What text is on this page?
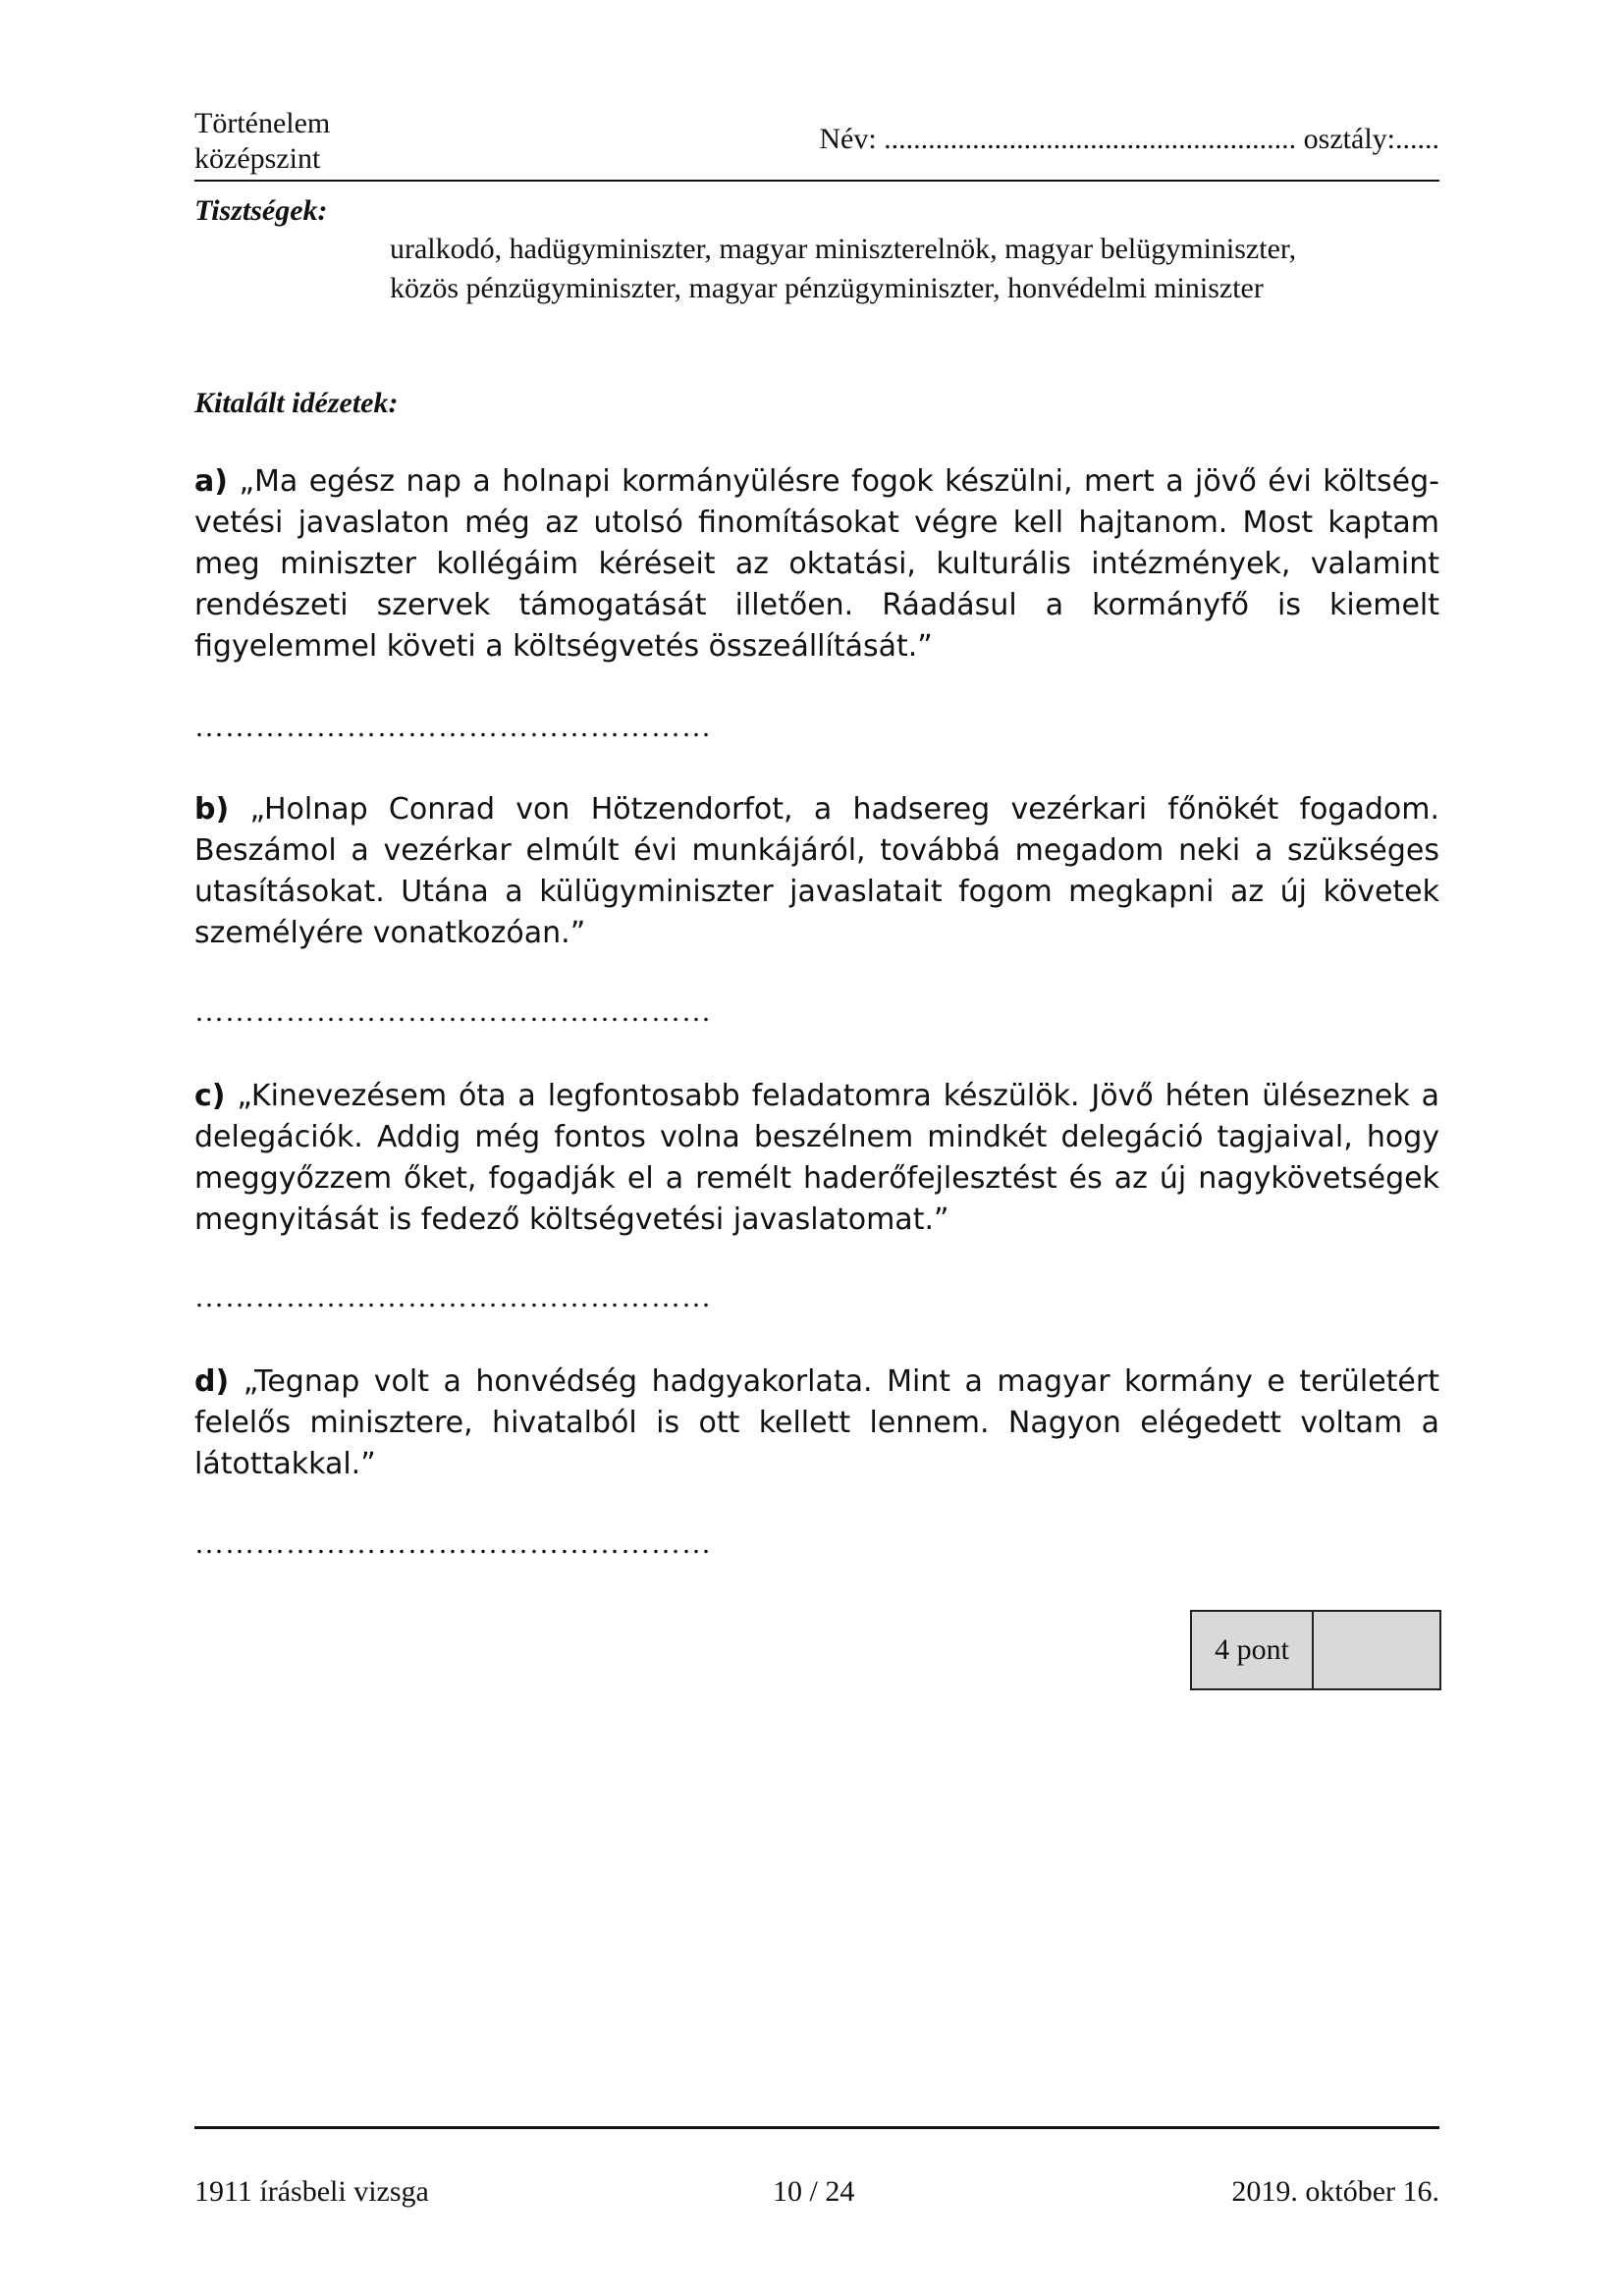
Történelem
középszint
Név: ........................................................ osztály:......
Tisztségek:
uralkodó, hadügyminiszter, magyar miniszterelnök, magyar belügyminiszter,
közös pénzügyminiszter, magyar pénzügyminiszter, honvédelmi miniszter
Kitalált idézetek:
a) „Ma egész nap a holnapi kormányülésre fogok készülni, mert a jövő évi költség-vetési javaslaton még az utolsó finomításokat végre kell hajtanom. Most kaptam meg miniszter kollégáim kéréseit az oktatási, kulturális intézmények, valamint rendészeti szervek támogatását illetően. Ráadásul a kormányfő is kiemelt figyelemmel követi a költségvetés összeállítását.”
……………………………………………
b) „Holnap Conrad von Hötzendorfot, a hadsereg vezérkari főnökét fogadom. Beszámol a vezérkar elmúlt évi munkájáról, továbbá megadom neki a szükséges utasításokat. Utána a külügyminiszter javaslatait fogom megkapni az új követek személyére vonatkozóan.”
……………………………………………
c) „Kinevezésem óta a legfontosabb feladatomra készülök. Jövő héten üléseznek a delegációk. Addig még fontos volna beszélnem mindkét delegáció tagjaival, hogy meggyőzzem őket, fogadják el a remélt haderőfejlesztést és az új nagykövetségek megnyitását is fedező költségvetési javaslatomat.”
……………………………………………
d) „Tegnap volt a honvédség hadgyakorlata. Mint a magyar kormány e területért felelős minisztere, hivatalból is ott kellett lennem. Nagyon elégedett voltam a látottakkal.”
……………………………………………
4 pont
1911 írásbeli vizsga	10 / 24	2019. október 16.
